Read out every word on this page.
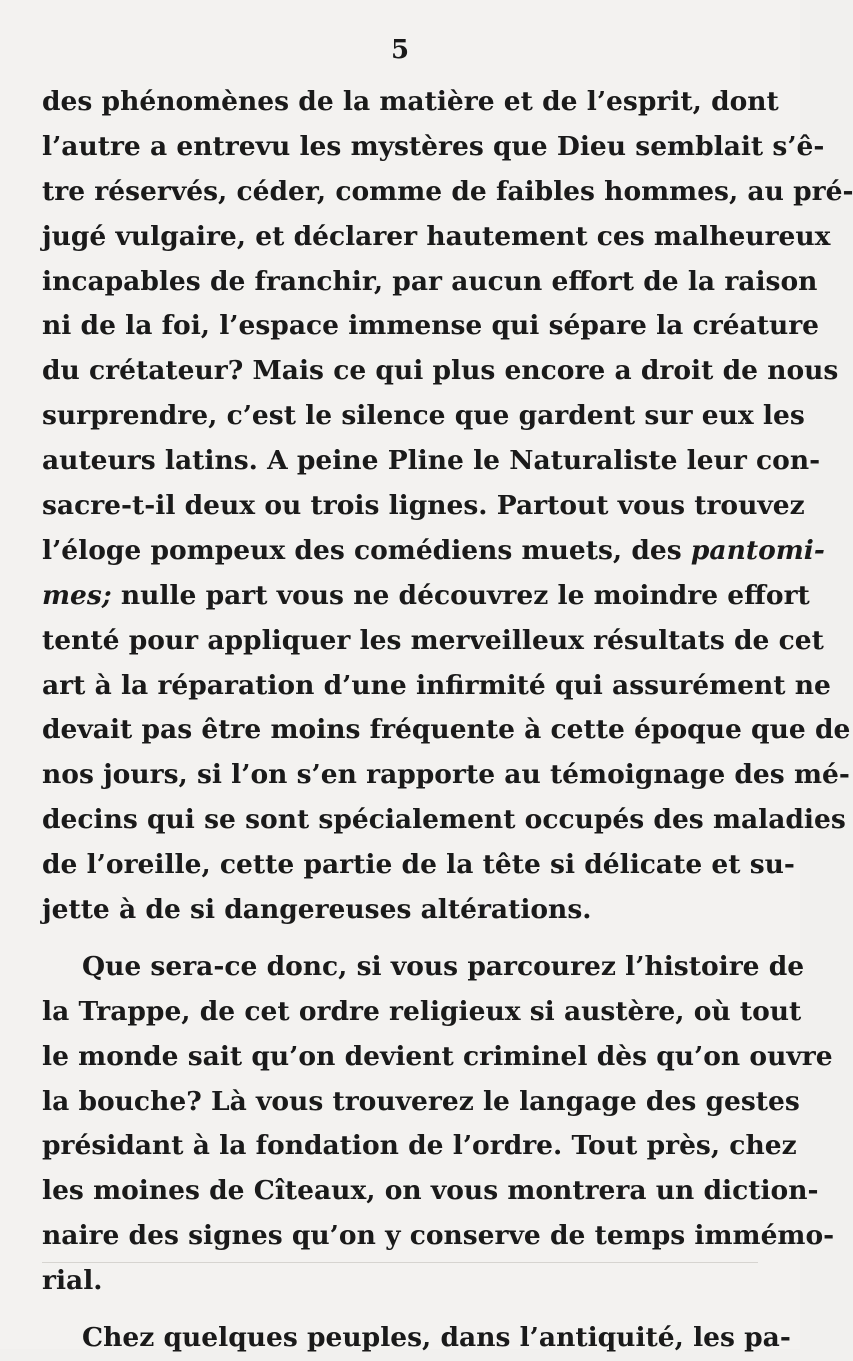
5
des phénomènes de la matière et de l’esprit, dont
l’autre a entrevu les mystères que Dieu semblait s’ê-
tre réservés, céder, comme de faibles hommes, au pré-
jugé vulgaire, et déclarer hautement ces malheureux
incapables de franchir, par aucun effort de la raison
ni de la foi, l’espace immense qui sépare la créature
du crétateur? Mais ce qui plus encore a droit de nous
surprendre, c’est le silence que gardent sur eux les
auteurs latins. A peine Pline le Naturaliste leur con-
sacre-t-il deux ou trois lignes. Partout vous trouvez
l’éloge pompeux des comédiens muets, des pantomi-
mes; nulle part vous ne découvrez le moindre effort
tenté pour appliquer les merveilleux résultats de cet
art à la réparation d’une infirmité qui assurément ne
devait pas être moins fréquente à cette époque que de
nos jours, si l’on s’en rapporte au témoignage des mé-
decins qui se sont spécialement occupés des maladies
de l’oreille, cette partie de la tête si délicate et su-
jette à de si dangereuses altérations.
Que sera-ce donc, si vous parcourez l’histoire de
la Trappe, de cet ordre religieux si austère, où tout
le monde sait qu’on devient criminel dès qu’on ouvre
la bouche? Là vous trouverez le langage des gestes
présidant à la fondation de l’ordre. Tout près, chez
les moines de Cîteaux, on vous montrera un diction-
naire des signes qu’on y conserve de temps immémo-
rial.
Chez quelques peuples, dans l’antiquité, les pa-
